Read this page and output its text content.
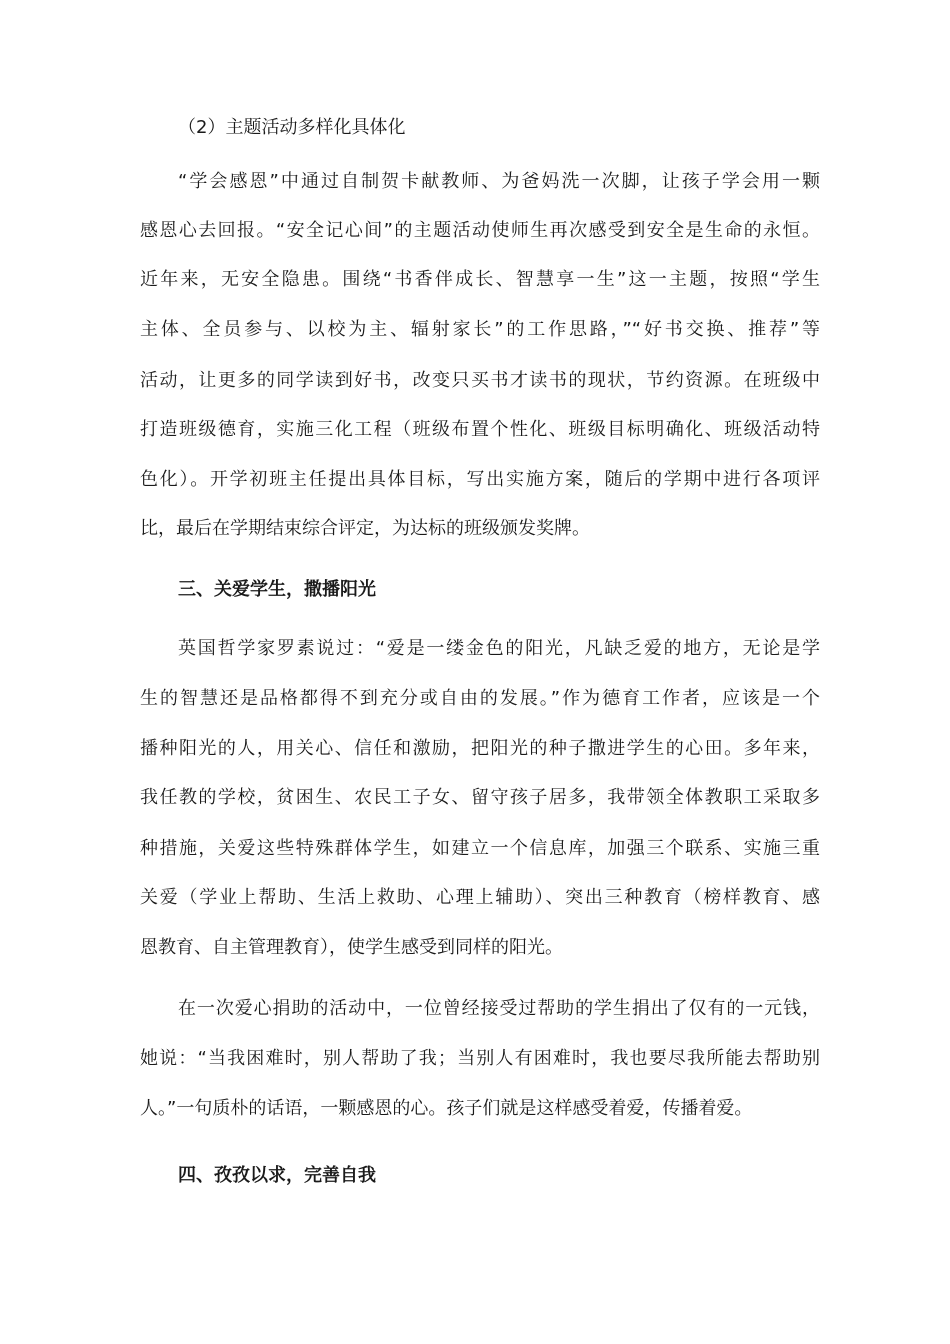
（2）主题活动多样化具体化
“学会感恩”中通过自制贺卡献教师、为爸妈洗一次脚，让孩子学会用一颗
感恩心去回报。“安全记心间”的主题活动使师生再次感受到安全是生命的永恒。
近年来，无安全隐患。围绕“书香伴成长、智慧享一生”这一主题，按照“学生
主体、全员参与、以校为主、辐射家长”的工作思路，”“好书交换、推荐”等
活动，让更多的同学读到好书，改变只买书才读书的现状，节约资源。在班级中
打造班级德育，实施三化工程（班级布置个性化、班级目标明确化、班级活动特
色化）。开学初班主任提出具体目标，写出实施方案，随后的学期中进行各项评
比，最后在学期结束综合评定，为达标的班级颁发奖牌。
三、关爱学生，撒播阳光
英国哲学家罗素说过：“爱是一缕金色的阳光，凡缺乏爱的地方，无论是学
生的智慧还是品格都得不到充分或自由的发展。”作为德育工作者，应该是一个
播种阳光的人，用关心、信任和激励，把阳光的种子撒进学生的心田。多年来，
我任教的学校，贫困生、农民工子女、留守孩子居多，我带领全体教职工采取多
种措施，关爱这些特殊群体学生，如建立一个信息库，加强三个联系、实施三重
关爱（学业上帮助、生活上救助、心理上辅助）、突出三种教育（榜样教育、感
恩教育、自主管理教育），使学生感受到同样的阳光。
在一次爱心捐助的活动中，一位曾经接受过帮助的学生捐出了仅有的一元钱，
她说：“当我困难时，别人帮助了我；当别人有困难时，我也要尽我所能去帮助别
人。”一句质朴的话语，一颗感恩的心。孩子们就是这样感受着爱，传播着爱。
四、孜孜以求，完善自我
